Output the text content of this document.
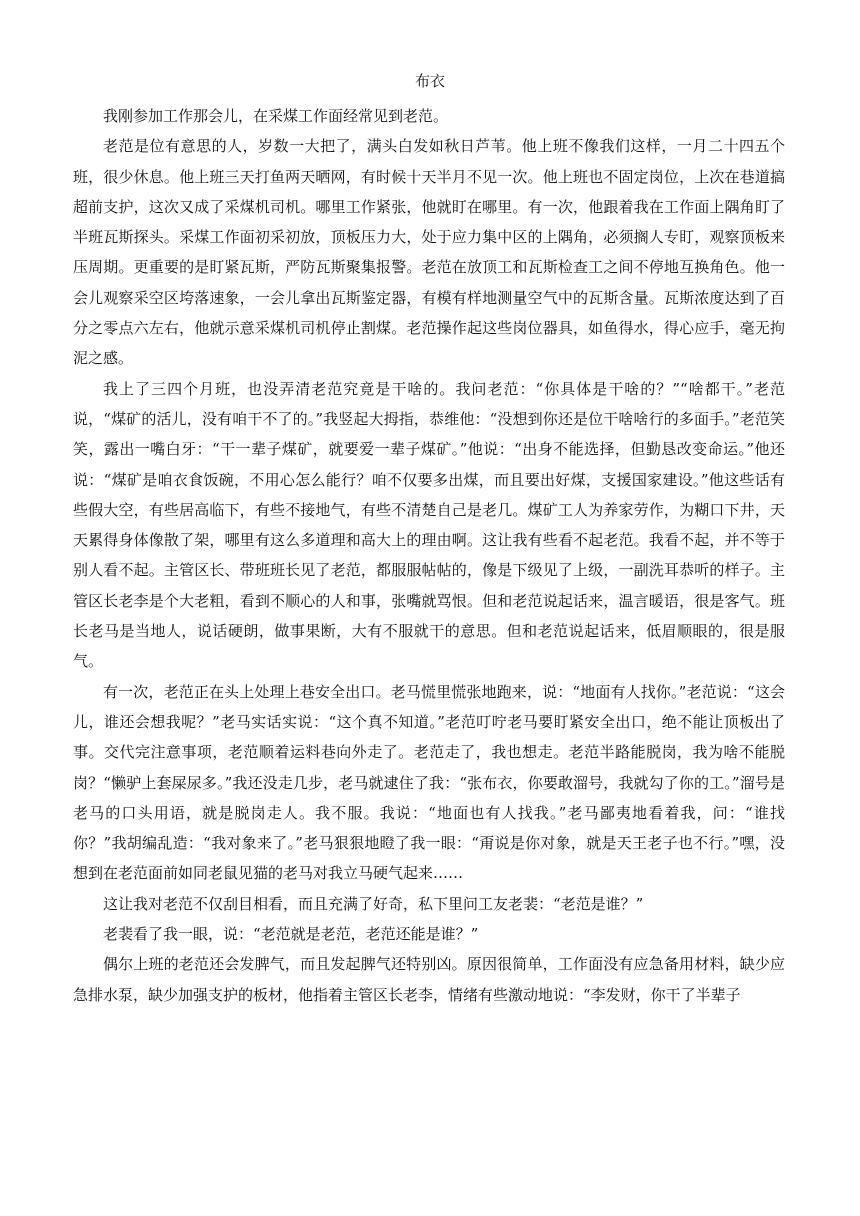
布衣

我刚参加工作那会儿，在采煤工作面经常见到老范。

老范是位有意思的人，岁数一大把了，满头白发如秋日芦苇。他上班不像我们这样，一月二十四五个班，很少休息。他上班三天打鱼两天晒网，有时候十天半月不见一次。他上班也不固定岗位，上次在巷道搞超前支护，这次又成了采煤机司机。哪里工作紧张，他就盯在哪里。有一次，他跟着我在工作面上隅角盯了半班瓦斯探头。采煤工作面初采初放，顶板压力大，处于应力集中区的上隅角，必须搁人专盯，观察顶板来压周期。更重要的是盯紧瓦斯，严防瓦斯聚集报警。老范在放顶工和瓦斯检查工之间不停地互换角色。他一会儿观察采空区垮落速象，一会儿拿出瓦斯鉴定器，有模有样地测量空气中的瓦斯含量。瓦斯浓度达到了百分之零点六左右，他就示意采煤机司机停止割煤。老范操作起这些岗位器具，如鱼得水，得心应手，毫无拘泥之感。

我上了三四个月班，也没弄清老范究竟是干啥的。我问老范：“你具体是干啥的？”“啥都干。”老范说，“煤矿的活儿，没有咱干不了的。”我竖起大拇指，恭维他：“没想到你还是位干啥啥行的多面手。”老范笑笑，露出一嘴白牙：“干一辈子煤矿，就要爱一辈子煤矿。”他说：“出身不能选择，但勤恳改变命运。”他还说：“煤矿是咱衣食饭碗，不用心怎么能行？咱不仅要多出煤，而且要出好煤，支援国家建设。”他这些话有些假大空，有些居高临下，有些不接地气，有些不清楚自己是老几。煤矿工人为养家劳作，为糊口下井，天天累得身体像散了架，哪里有这么多道理和高大上的理由啊。这让我有些看不起老范。我看不起，并不等于别人看不起。主管区长、带班班长见了老范，都服服帖帖的，像是下级见了上级，一副洗耳恭听的样子。主管区长老李是个大老粗，看到不顺心的人和事，张嘴就骂恨。但和老范说起话来，温言暖语，很是客气。班长老马是当地人，说话硬朗，做事果断，大有不服就干的意思。但和老范说起话来，低眉顺眼的，很是服气。

有一次，老范正在头上处理上巷安全出口。老马慌里慌张地跑来，说：“地面有人找你。”老范说：“这会儿，谁还会想我呢？”老马实话实说：“这个真不知道。”老范叮咛老马要盯紧安全出口，绝不能让顶板出了事。交代完注意事项，老范顺着运料巷向外走了。老范走了，我也想走。老范半路能脱岗，我为啥不能脱岗？“懒驴上套屎尿多。”我还没走几步，老马就逮住了我：“张布衣，你要敢溜号，我就勾了你的工。”溜号是老马的口头用语，就是脱岗走人。我不服。我说：“地面也有人找我。”老马鄙夷地看着我，问：“谁找你？”我胡编乱造：“我对象来了。”老马狠狠地瞪了我一眼：“甭说是你对象，就是天王老子也不行。”嘿，没想到在老范面前如同老鼠见猫的老马对我立马硬气起来……

这让我对老范不仅刮目相看，而且充满了好奇，私下里问工友老裴：“老范是谁？”

老裴看了我一眼，说：“老范就是老范，老范还能是谁？”

偶尔上班的老范还会发脾气，而且发起脾气还特别凶。原因很简单，工作面没有应急备用材料，缺少应急排水泵，缺少加强支护的板材，他指着主管区长老李，情绪有些激动地说：“李发财，你干了半辈子
